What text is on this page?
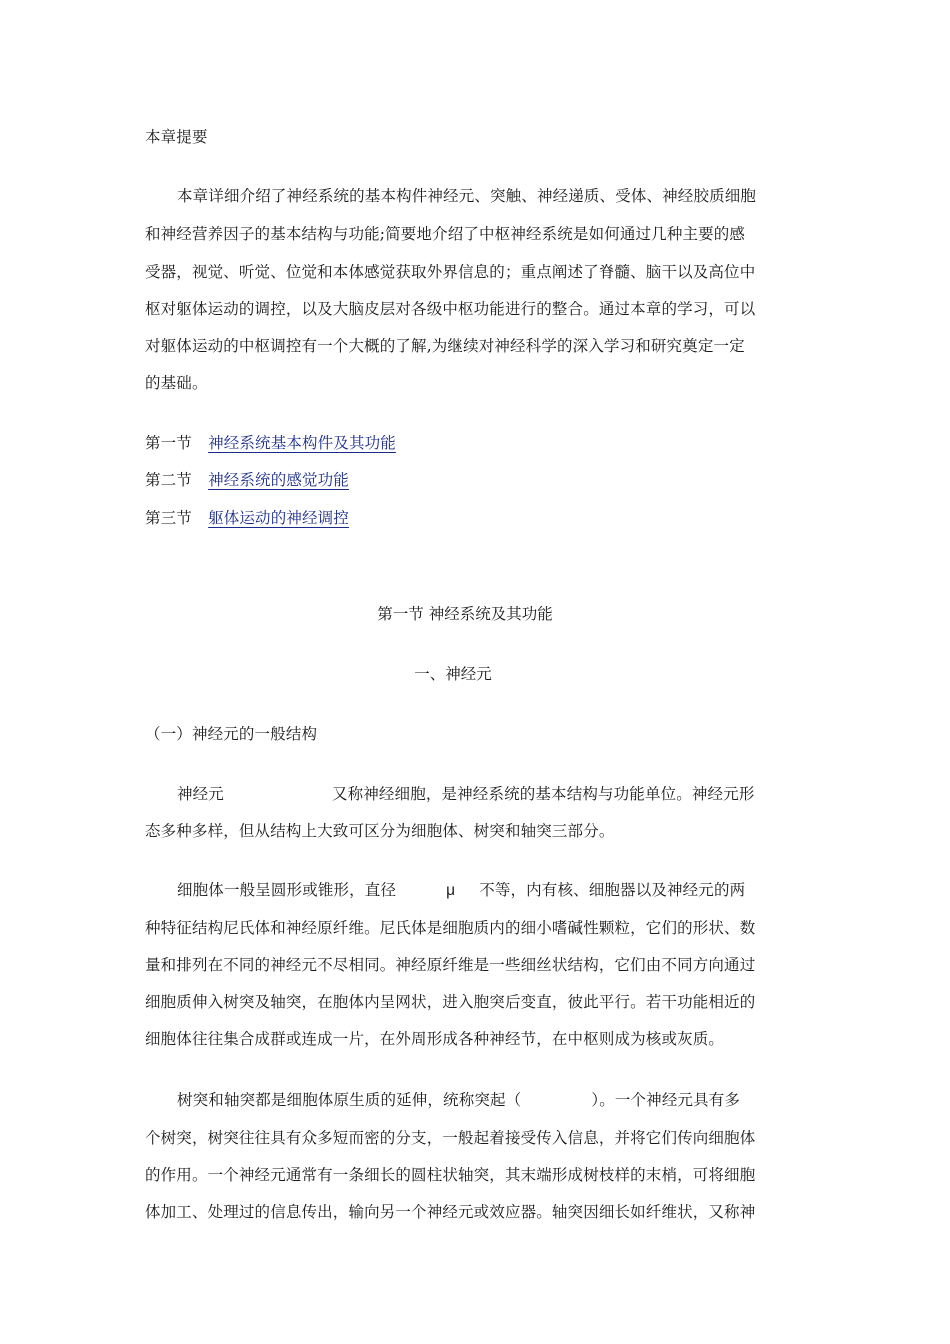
本章提要
本章详细介绍了神经系统的基本构件神经元、突触、神经递质、受体、神经胶质细胞
和神经营养因子的基本结构与功能;简要地介绍了中枢神经系统是如何通过几种主要的感
受器，视觉、听觉、位觉和本体感觉获取外界信息的；重点阐述了脊髓、脑干以及高位中
枢对躯体运动的调控，以及大脑皮层对各级中枢功能进行的整合。通过本章的学习，可以
对躯体运动的中枢调控有一个大概的了解,为继续对神经科学的深入学习和研究奠定一定
的基础。
第一节 神经系统基本构件及其功能
第二节 神经系统的感觉功能
第三节 躯体运动的神经调控
第一节 神经系统及其功能
一、神经元
（一）神经元的一般结构
神经元	又称神经细胞，是神经系统的基本结构与功能单位。神经元形
态多种多样，但从结构上大致可区分为细胞体、树突和轴突三部分。
细胞体一般呈圆形或锥形，直径	μ 不等，内有核、细胞器以及神经元的两
种特征结构尼氏体和神经原纤维。尼氏体是细胞质内的细小嗜碱性颗粒，它们的形状、数
量和排列在不同的神经元不尽相同。神经原纤维是一些细丝状结构，它们由不同方向通过
细胞质伸入树突及轴突，在胞体内呈网状，进入胞突后变直，彼此平行。若干功能相近的
细胞体往往集合成群或连成一片，在外周形成各种神经节，在中枢则成为核或灰质。
树突和轴突都是细胞体原生质的延伸，统称突起（	）。一个神经元具有多
个树突，树突往往具有众多短而密的分支，一般起着接受传入信息，并将它们传向细胞体
的作用。一个神经元通常有一条细长的圆柱状轴突，其末端形成树枝样的末梢，可将细胞
体加工、处理过的信息传出，输向另一个神经元或效应器。轴突因细长如纤维状，又称神
